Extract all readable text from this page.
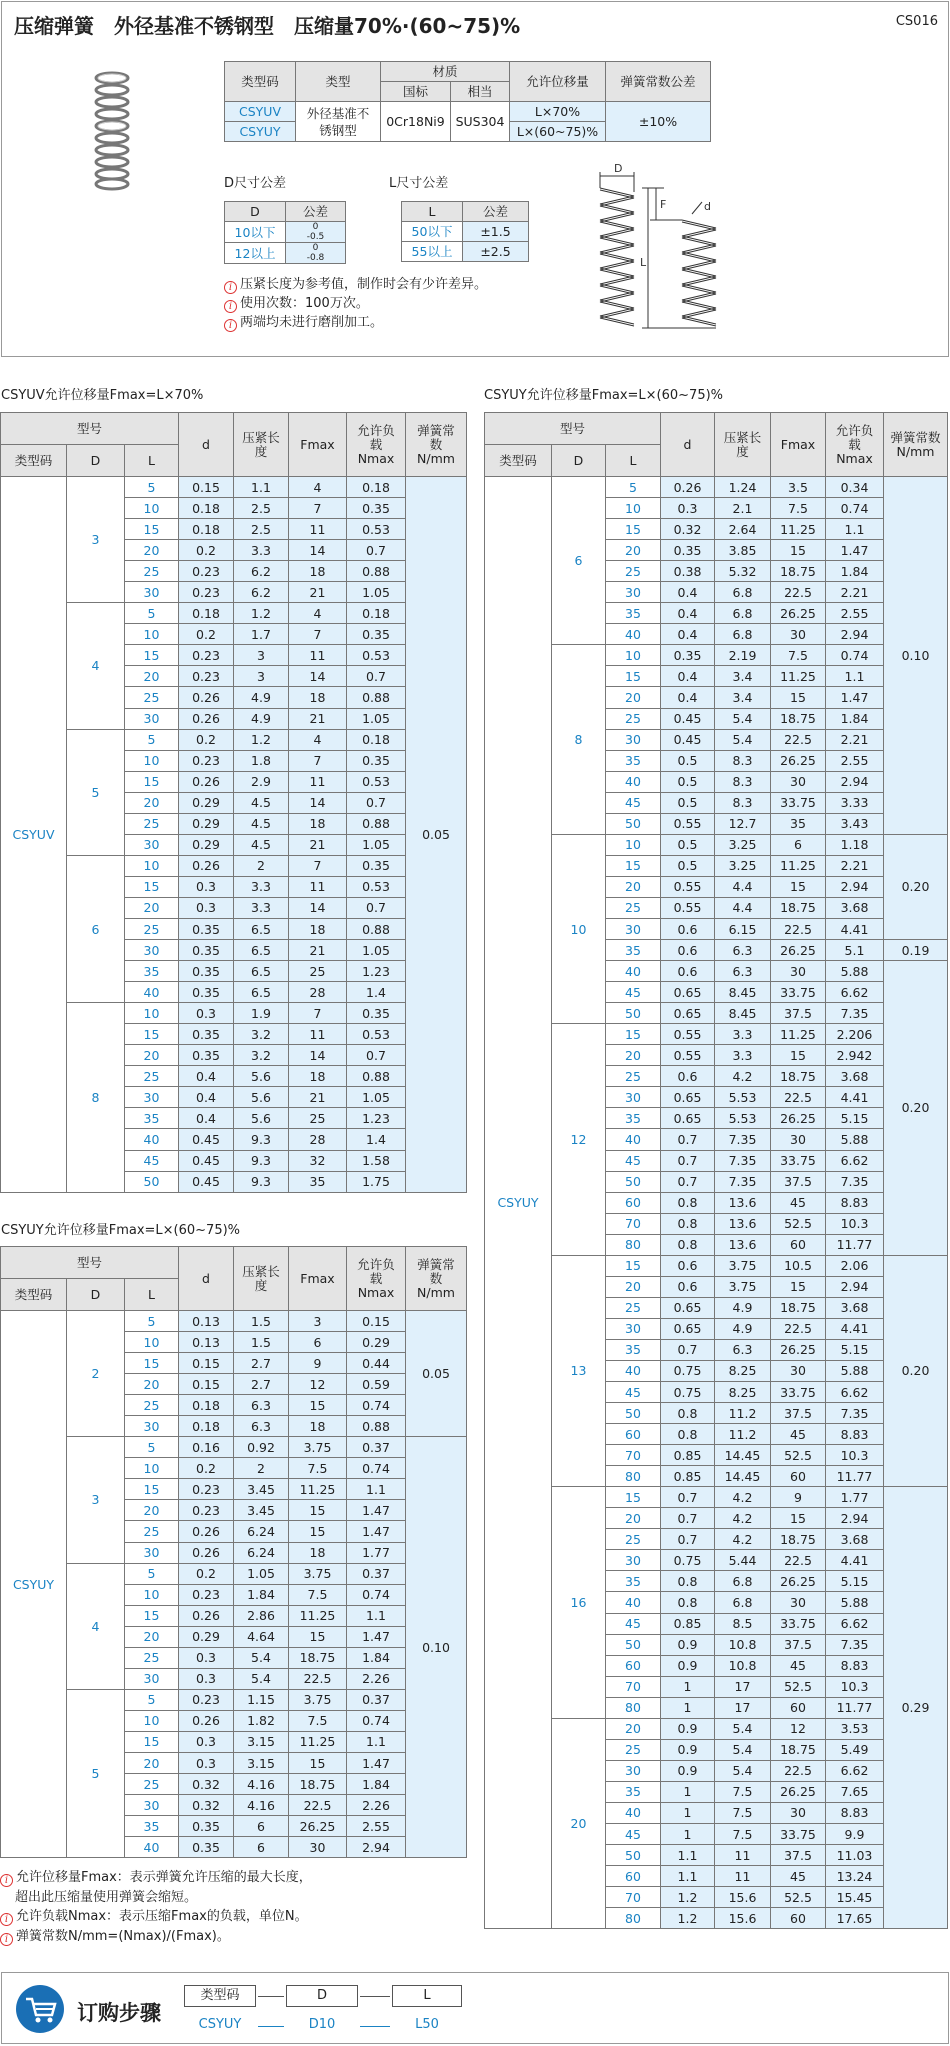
压缩弹簧　外径基准不锈钢型　压缩量70%·(60~75)%	CS016
类型码	类型	材质		允许位移量	弹簧常数公差
		国标	相当		
CSYUV	外径基准不锈钢型	0Cr18Ni9	SUS304	L×70%	±10%
CSYUY				L×(60~75)%	
D尺寸公差
D	公差
10以下	0
-0.5

12以上	0
-0.8
L尺寸公差
L	公差
50以下	±1.5
55以上	±2.5
i 压紧长度为参考值，制作时会有少许差异。
i 使用次数：100万次。
i 两端均未进行磨削加工。
D
F	d
L
CSYUV允许位移量Fmax=L×70%
型号			d	压紧长度	Fmax	允许负载Nmax	弹簧常数N/mm
类型码	D	L					
CSYUV	3	5	0.15	1.1	4	0.18	0.05
		10	0.18	2.5	7	0.35	
		15	0.18	2.5	11	0.53	
		20	0.2	3.3	14	0.7	
		25	0.23	6.2	18	0.88	
		30	0.23	6.2	21	1.05	
	4	5	0.18	1.2	4	0.18	
		10	0.2	1.7	7	0.35	
		15	0.23	3	11	0.53	
		20	0.23	3	14	0.7	
		25	0.26	4.9	18	0.88	
		30	0.26	4.9	21	1.05	
	5	5	0.2	1.2	4	0.18	
		10	0.23	1.8	7	0.35	
		15	0.26	2.9	11	0.53	
		20	0.29	4.5	14	0.7	
		25	0.29	4.5	18	0.88	
		30	0.29	4.5	21	1.05	
	6	10	0.26	2	7	0.35	
		15	0.3	3.3	11	0.53	
		20	0.3	3.3	14	0.7	
		25	0.35	6.5	18	0.88	
		30	0.35	6.5	21	1.05	
		35	0.35	6.5	25	1.23	
		40	0.35	6.5	28	1.4	
	8	10	0.3	1.9	7	0.35	
		15	0.35	3.2	11	0.53	
		20	0.35	3.2	14	0.7	
		25	0.4	5.6	18	0.88	
		30	0.4	5.6	21	1.05	
		35	0.4	5.6	25	1.23	
		40	0.45	9.3	28	1.4	
		45	0.45	9.3	32	1.58	
		50	0.45	9.3	35	1.75	
CSYUY允许位移量Fmax=L×(60~75)%
型号			d	压紧长度	Fmax	允许负载Nmax	弹簧常数N/mm
类型码	D	L					
CSYUY	2	5	0.13	1.5	3	0.15	0.05
		10	0.13	1.5	6	0.29	
		15	0.15	2.7	9	0.44	
		20	0.15	2.7	12	0.59	
		25	0.18	6.3	15	0.74	
		30	0.18	6.3	18	0.88	
	3	5	0.16	0.92	3.75	0.37	0.10
		10	0.2	2	7.5	0.74	
		15	0.23	3.45	11.25	1.1	
		20	0.23	3.45	15	1.47	
		25	0.26	6.24	15	1.47	
		30	0.26	6.24	18	1.77	
	4	5	0.2	1.05	3.75	0.37	
		10	0.23	1.84	7.5	0.74	
		15	0.26	2.86	11.25	1.1	
		20	0.29	4.64	15	1.47	
		25	0.3	5.4	18.75	1.84	
		30	0.3	5.4	22.5	2.26	
	5	5	0.23	1.15	3.75	0.37	
		10	0.26	1.82	7.5	0.74	
		15	0.3	3.15	11.25	1.1	
		20	0.3	3.15	15	1.47	
		25	0.32	4.16	18.75	1.84	
		30	0.32	4.16	22.5	2.26	
		35	0.35	6	26.25	2.55	
		40	0.35	6	30	2.94	
CSYUY允许位移量Fmax=L×(60~75)%
型号			d	压紧长度	Fmax	允许负载Nmax	弹簧常数N/mm
类型码	D	L					
CSYUY	6	5	0.26	1.24	3.5	0.34	0.10
		10	0.3	2.1	7.5	0.74	
		15	0.32	2.64	11.25	1.1	
		20	0.35	3.85	15	1.47	
		25	0.38	5.32	18.75	1.84	
		30	0.4	6.8	22.5	2.21	
		35	0.4	6.8	26.25	2.55	
		40	0.4	6.8	30	2.94	
	8	10	0.35	2.19	7.5	0.74	
		15	0.4	3.4	11.25	1.1	
		20	0.4	3.4	15	1.47	
		25	0.45	5.4	18.75	1.84	
		30	0.45	5.4	22.5	2.21	
		35	0.5	8.3	26.25	2.55	
		40	0.5	8.3	30	2.94	
		45	0.5	8.3	33.75	3.33	
		50	0.55	12.7	35	3.43	
	10	10	0.5	3.25	6	1.18	0.20
		15	0.5	3.25	11.25	2.21	
		20	0.55	4.4	15	2.94	
		25	0.55	4.4	18.75	3.68	
		30	0.6	6.15	22.5	4.41	
		35	0.6	6.3	26.25	5.1	0.19
		40	0.6	6.3	30	5.88	0.20
		45	0.65	8.45	33.75	6.62	
		50	0.65	8.45	37.5	7.35	
	12	15	0.55	3.3	11.25	2.206	
		20	0.55	3.3	15	2.942	
		25	0.6	4.2	18.75	3.68	
		30	0.65	5.53	22.5	4.41	
		35	0.65	5.53	26.25	5.15	
		40	0.7	7.35	30	5.88	
		45	0.7	7.35	33.75	6.62	
		50	0.7	7.35	37.5	7.35	
		60	0.8	13.6	45	8.83	
		70	0.8	13.6	52.5	10.3	
		80	0.8	13.6	60	11.77	
	13	15	0.6	3.75	10.5	2.06	0.20
		20	0.6	3.75	15	2.94	
		25	0.65	4.9	18.75	3.68	
		30	0.65	4.9	22.5	4.41	
		35	0.7	6.3	26.25	5.15	
		40	0.75	8.25	30	5.88	
		45	0.75	8.25	33.75	6.62	
		50	0.8	11.2	37.5	7.35	
		60	0.8	11.2	45	8.83	
		70	0.85	14.45	52.5	10.3	
		80	0.85	14.45	60	11.77	
	16	15	0.7	4.2	9	1.77	0.29
		20	0.7	4.2	15	2.94	
		25	0.7	4.2	18.75	3.68	
		30	0.75	5.44	22.5	4.41	
		35	0.8	6.8	26.25	5.15	
		40	0.8	6.8	30	5.88	
		45	0.85	8.5	33.75	6.62	
		50	0.9	10.8	37.5	7.35	
		60	0.9	10.8	45	8.83	
		70	1	17	52.5	10.3	
		80	1	17	60	11.77	
	20	20	0.9	5.4	12	3.53	
		25	0.9	5.4	18.75	5.49	
		30	0.9	5.4	22.5	6.62	
		35	1	7.5	26.25	7.65	
		40	1	7.5	30	8.83	
		45	1	7.5	33.75	9.9	
		50	1.1	11	37.5	11.03	
		60	1.1	11	45	13.24	
		70	1.2	15.6	52.5	15.45	
		80	1.2	15.6	60	17.65	
i 允许位移量Fmax：表示弹簧允许压缩的最大长度，
超出此压缩量使用弹簧会缩短。
i 允许负载Nmax：表示压缩Fmax的负载，单位N。
i 弹簧常数N/mm=(Nmax)/(Fmax)。
订购步骤
类型码	D	L
CSYUY	D10	L50
